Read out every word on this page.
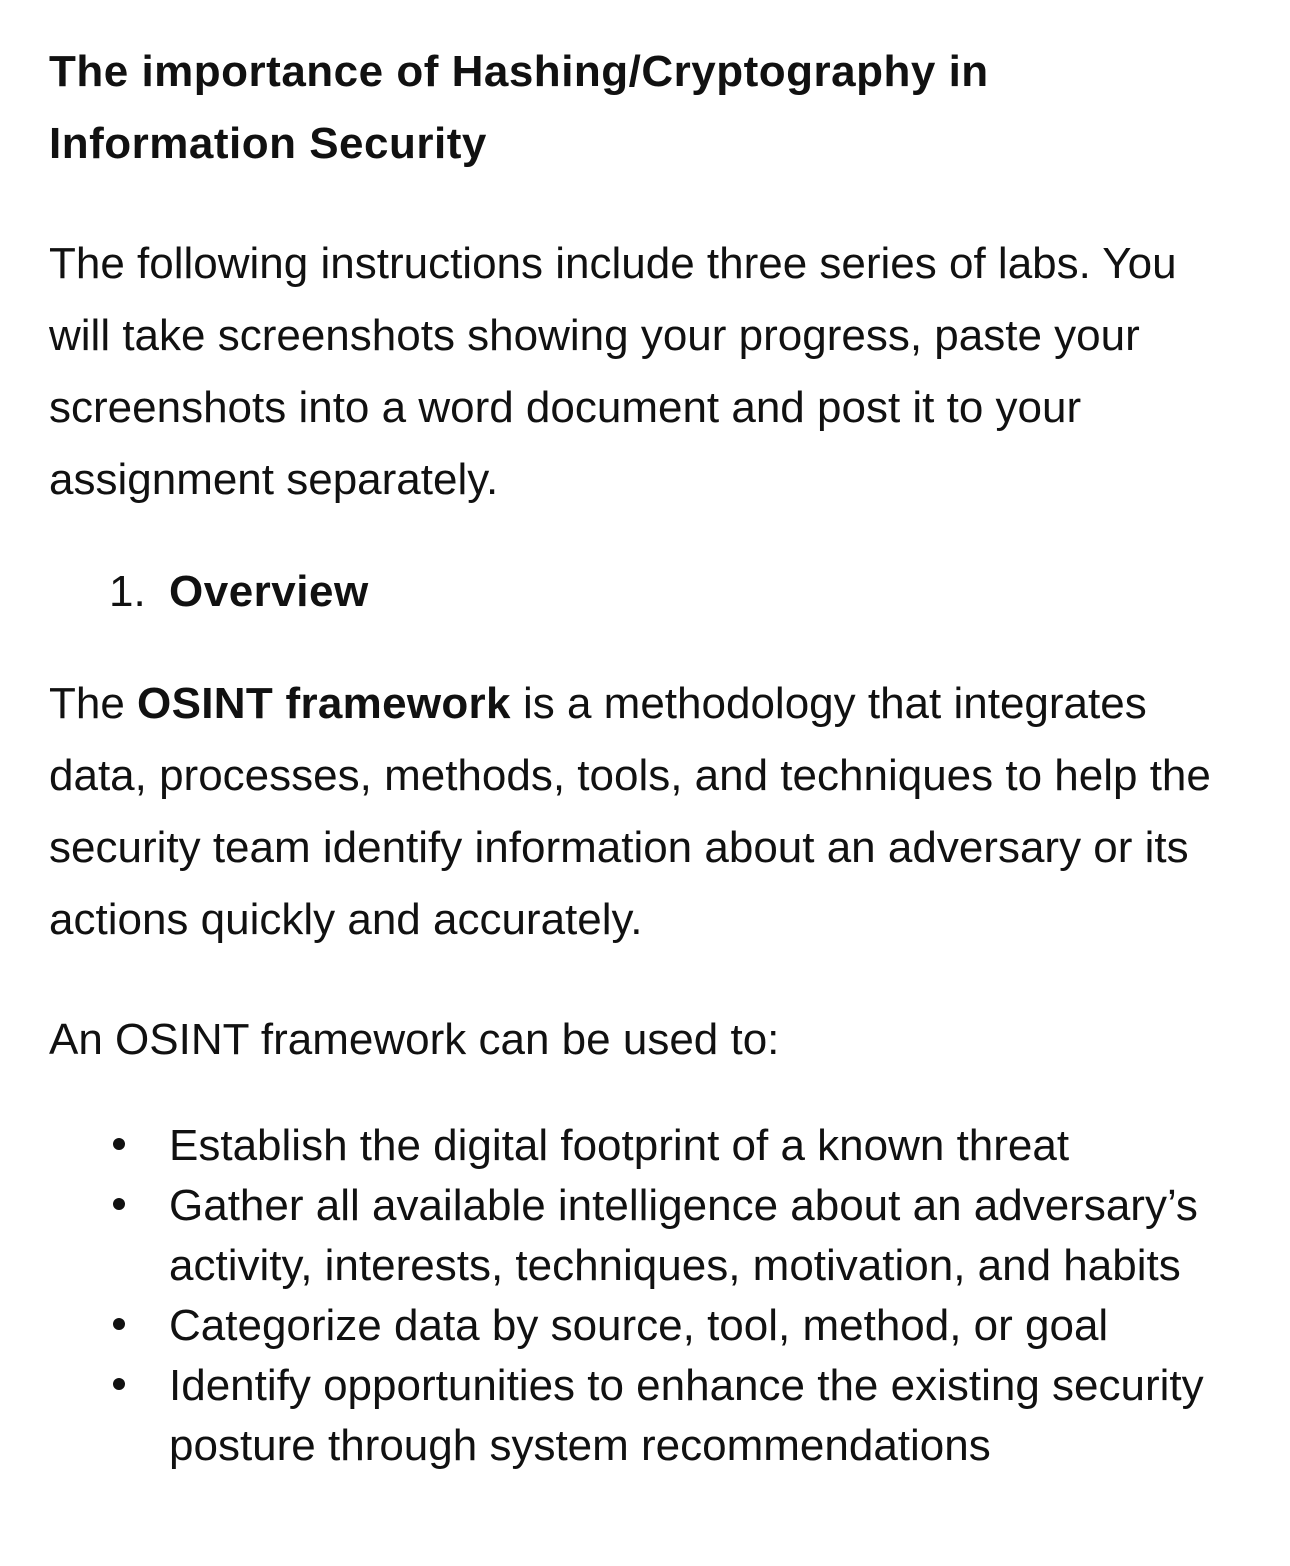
The importance of Hashing/Cryptography in Information Security

The following instructions include three series of labs. You will take screenshots showing your progress, paste your screenshots into a word document and post it to your assignment separately.

1. Overview

The OSINT framework is a methodology that integrates data, processes, methods, tools, and techniques to help the security team identify information about an adversary or its actions quickly and accurately.

An OSINT framework can be used to:

Establish the digital footprint of a known threat
Gather all available intelligence about an adversary’s activity, interests, techniques, motivation, and habits
Categorize data by source, tool, method, or goal
Identify opportunities to enhance the existing security posture through system recommendations
